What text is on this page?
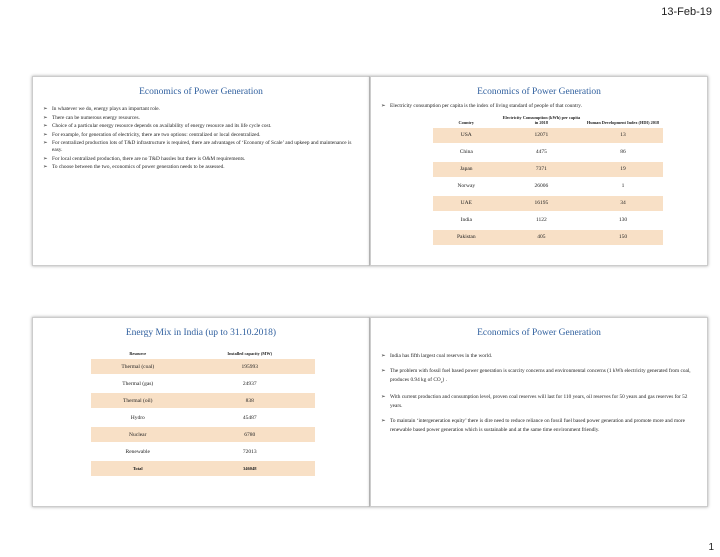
13-Feb-19
Economics of Power Generation
➢ In whatever we do, energy plays an important role.
➢ There can be numerous energy resources.
➢ Choice of a particular energy resource depends on availability of energy resource and its life cycle cost.
➢ For example, for generation of electricity, there are two options: centralized or local decentralized.
➢ For centralized production lots of T&D infrastructure is required, there are advantages of ‘Economy of Scale’ and upkeep and maintenance is easy.
➢ For local centralized production, there are no T&D hassles but there is O&M requirements.
➢ To choose between the two, economics of power generation needs to be assessed.
Economics of Power Generation
➢ Electricity consumption per capita is the index of living standard of people of that country.
Country	Electricity Consumption (kWh) per capita in 2018	Human Development Index (HDI) 2018
USA	12071	13
China	4475	86
Japan	7371	19
Norway	26006	1
UAE	16195	34
India	1122	130
Pakistan	405	150
Energy Mix in India (up to 31.10.2018)
Resource	Installed capacity (MW)
Thermal (coal)	195993
Thermal (gas)	24937
Thermal (oil)	838
Hydro	45487
Nuclear	6780
Renewable	72013
Total	346048
Economics of Power Generation
➢ India has fifth largest coal reserves in the world.
➢ The problem with fossil fuel based power generation is scarcity concerns and environmental concerns (1 kWh electricity generated from coal, produces 0.94 kg of $CO_2$) .
➢ With current production and consumption level, proven coal reserves will last for 110 years, oil reserves for 50 years and gas reserves for 52 years.
➢ To maintain ‘intergeneration equity’ there is dire need to reduce reliance on fossil fuel based power generation and promote more and more renewable based power generation which is sustainable and at the same time environment friendly.
1
